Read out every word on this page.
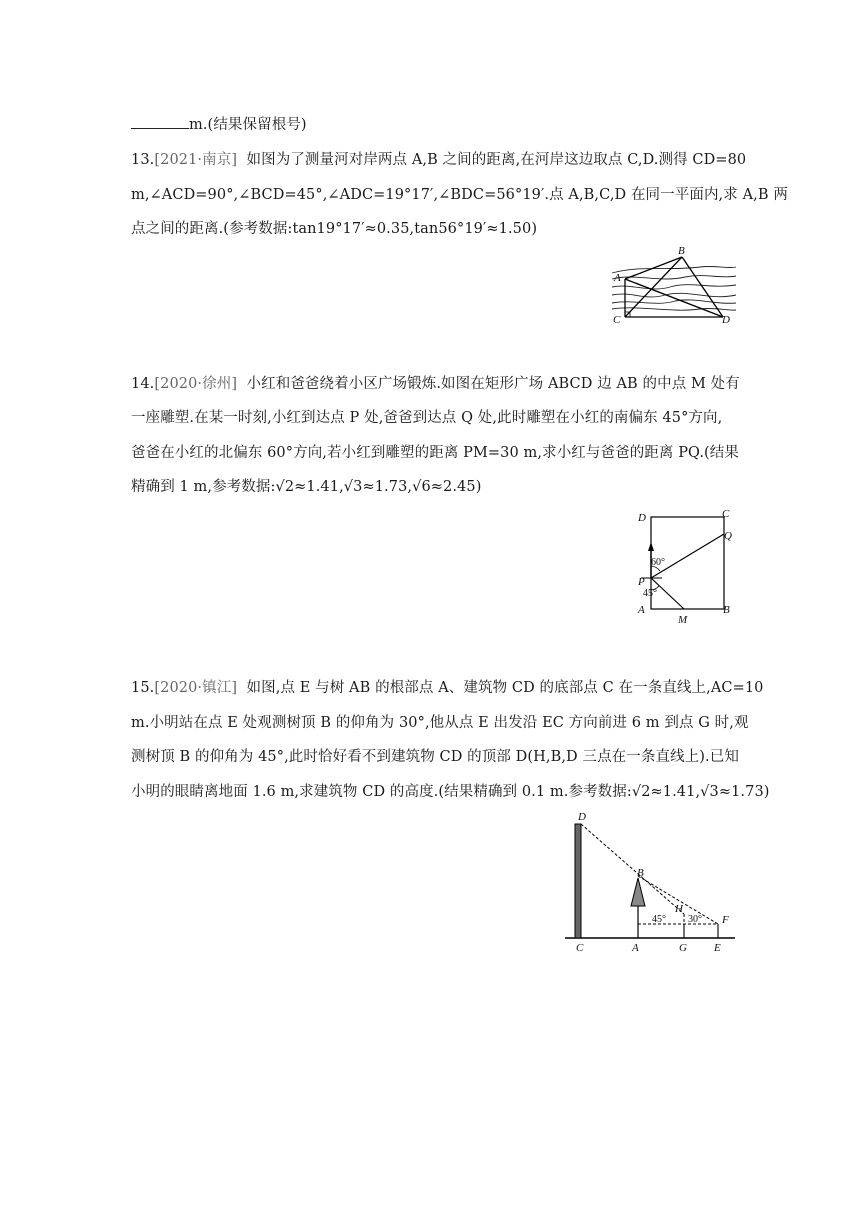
m.(结果保留根号)
13.[2021·南京] 如图为了测量河对岸两点 A,B 之间的距离,在河岸这边取点 C,D.测得 CD=80
m,∠ACD=90°,∠BCD=45°,∠ADC=19°17′,∠BDC=56°19′.点 A,B,C,D 在同一平面内,求 A,B 两
点之间的距离.(参考数据:tan19°17′≈0.35,tan56°19′≈1.50)
B
A
C	D
14.[2020·徐州] 小红和爸爸绕着小区广场锻炼.如图在矩形广场 ABCD 边 AB 的中点 M 处有
一座雕塑.在某一时刻,小红到达点 P 处,爸爸到达点 Q 处,此时雕塑在小红的南偏东 45°方向,
爸爸在小红的北偏东 60°方向,若小红到雕塑的距离 PM=30 m,求小红与爸爸的距离 PQ.(结果
精确到 1 m,参考数据:√2≈1.41,√3≈1.73,√6≈2.45)
D	C
Q
60°
P
45°
A	B
M
15.[2020·镇江] 如图,点 E 与树 AB 的根部点 A、建筑物 CD 的底部点 C 在一条直线上,AC=10
m.小明站在点 E 处观测树顶 B 的仰角为 30°,他从点 E 出发沿 EC 方向前进 6 m 到点 G 时,观
测树顶 B 的仰角为 45°,此时恰好看不到建筑物 CD 的顶部 D(H,B,D 三点在一条直线上).已知
小明的眼睛离地面 1.6 m,求建筑物 CD 的高度.(结果精确到 0.1 m.参考数据:√2≈1.41,√3≈1.73)
D
B
H
45° 30° F
C	A	G E
